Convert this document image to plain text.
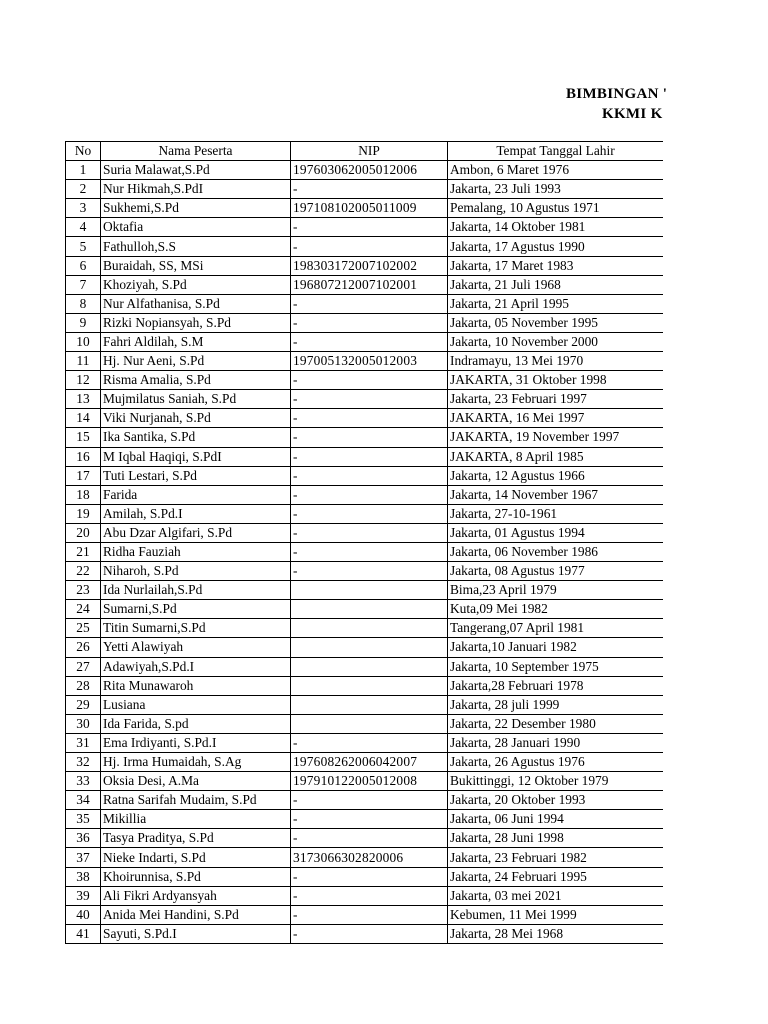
BIMBINGAN '
KKMI K
No	Nama Peserta	NIP	Tempat Tanggal Lahir
1	Suria Malawat,S.Pd	197603062005012006	Ambon, 6 Maret 1976
2	Nur Hikmah,S.PdI	-	Jakarta, 23 Juli 1993
3	Sukhemi,S.Pd	197108102005011009	Pemalang, 10 Agustus 1971
4	Oktafia	-	Jakarta, 14 Oktober 1981
5	Fathulloh,S.S	-	Jakarta, 17 Agustus 1990
6	Buraidah, SS, MSi	198303172007102002	Jakarta, 17 Maret 1983
7	Khoziyah, S.Pd	196807212007102001	Jakarta, 21 Juli 1968
8	Nur Alfathanisa, S.Pd	-	Jakarta, 21 April 1995
9	Rizki Nopiansyah, S.Pd	-	Jakarta, 05 November 1995
10	Fahri Aldilah, S.M	-	Jakarta, 10 November 2000
11	Hj. Nur Aeni, S.Pd	197005132005012003	Indramayu, 13 Mei 1970
12	Risma Amalia, S.Pd	-	JAKARTA, 31 Oktober 1998
13	Mujmilatus Saniah, S.Pd	-	Jakarta, 23 Februari 1997
14	Viki Nurjanah, S.Pd	-	JAKARTA, 16 Mei 1997
15	Ika Santika, S.Pd	-	JAKARTA, 19 November 1997
16	M Iqbal Haqiqi, S.PdI	-	JAKARTA, 8 April 1985
17	Tuti Lestari, S.Pd	-	Jakarta, 12 Agustus 1966
18	Farida	-	Jakarta, 14 November 1967
19	Amilah, S.Pd.I	-	Jakarta, 27-10-1961
20	Abu Dzar Algifari, S.Pd	-	Jakarta, 01 Agustus 1994
21	Ridha Fauziah	-	Jakarta, 06 November 1986
22	Niharoh, S.Pd	-	Jakarta, 08 Agustus 1977
23	Ida Nurlailah,S.Pd		Bima,23 April 1979
24	Sumarni,S.Pd		Kuta,09 Mei 1982
25	Titin Sumarni,S.Pd		Tangerang,07 April 1981
26	Yetti Alawiyah		Jakarta,10 Januari 1982
27	Adawiyah,S.Pd.I		Jakarta, 10 September 1975
28	Rita Munawaroh		Jakarta,28 Februari 1978
29	Lusiana		Jakarta, 28 juli 1999
30	Ida Farida, S.pd		Jakarta, 22 Desember 1980
31	Ema Irdiyanti, S.Pd.I	-	Jakarta, 28 Januari 1990
32	Hj. Irma Humaidah, S.Ag	197608262006042007	Jakarta, 26 Agustus 1976
33	Oksia Desi, A.Ma	197910122005012008	Bukittinggi, 12 Oktober 1979
34	Ratna Sarifah Mudaim, S.Pd	-	Jakarta, 20 Oktober 1993
35	Mikillia	-	Jakarta, 06 Juni 1994
36	Tasya Praditya, S.Pd	-	Jakarta, 28 Juni 1998
37	Nieke Indarti, S.Pd	3173066302820006	Jakarta, 23 Februari 1982
38	Khoirunnisa, S.Pd	-	Jakarta, 24 Februari 1995
39	Ali Fikri Ardyansyah	-	Jakarta, 03 mei 2021
40	Anida Mei Handini, S.Pd	-	Kebumen, 11 Mei 1999
41	Sayuti, S.Pd.I	-	Jakarta, 28 Mei 1968
